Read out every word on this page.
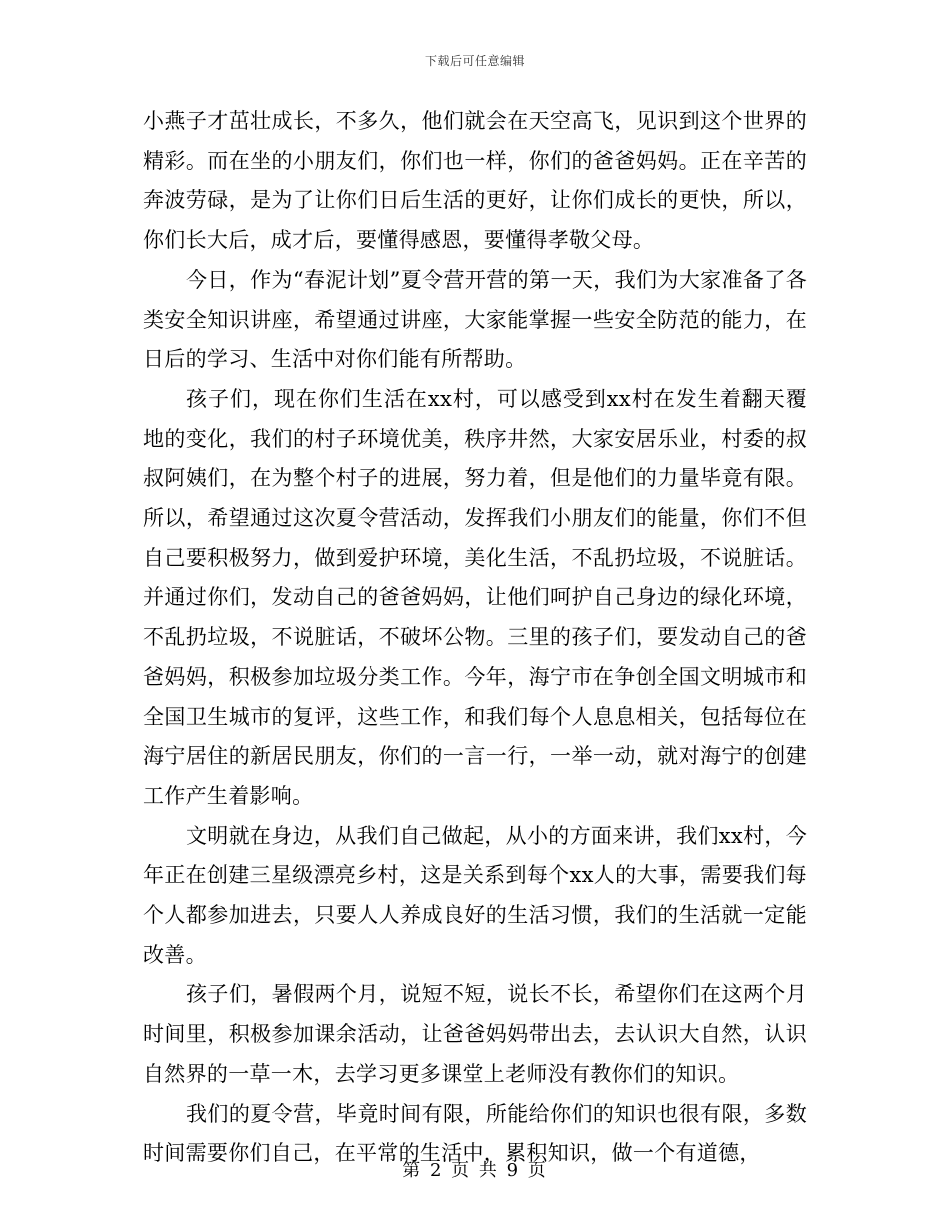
下载后可任意编辑

小燕子才茁壮成长，不多久，他们就会在天空高飞，见识到这个世界的精彩。而在坐的小朋友们，你们也一样，你们的爸爸妈妈。正在辛苦的奔波劳碌，是为了让你们日后生活的更好，让你们成长的更快，所以，你们长大后，成才后，要懂得感恩，要懂得孝敬父母。

今日，作为“春泥计划”夏令营开营的第一天，我们为大家准备了各类安全知识讲座，希望通过讲座，大家能掌握一些安全防范的能力，在日后的学习、生活中对你们能有所帮助。

孩子们，现在你们生活在xx村，可以感受到xx村在发生着翻天覆地的变化，我们的村子环境优美，秩序井然，大家安居乐业，村委的叔叔阿姨们，在为整个村子的进展，努力着，但是他们的力量毕竟有限。所以，希望通过这次夏令营活动，发挥我们小朋友们的能量，你们不但自己要积极努力，做到爱护环境，美化生活，不乱扔垃圾，不说脏话。并通过你们，发动自己的爸爸妈妈，让他们呵护自己身边的绿化环境，不乱扔垃圾，不说脏话，不破坏公物。三里的孩子们，要发动自己的爸爸妈妈，积极参加垃圾分类工作。今年，海宁市在争创全国文明城市和全国卫生城市的复评，这些工作，和我们每个人息息相关，包括每位在海宁居住的新居民朋友，你们的一言一行，一举一动，就对海宁的创建工作产生着影响。

文明就在身边，从我们自己做起，从小的方面来讲，我们xx村，今年正在创建三星级漂亮乡村，这是关系到每个xx人的大事，需要我们每个人都参加进去，只要人人养成良好的生活习惯，我们的生活就一定能改善。

孩子们，暑假两个月，说短不短，说长不长，希望你们在这两个月时间里，积极参加课余活动，让爸爸妈妈带出去，去认识大自然，认识自然界的一草一木，去学习更多课堂上老师没有教你们的知识。

我们的夏令营，毕竟时间有限，所能给你们的知识也很有限，多数时间需要你们自己，在平常的生活中，累积知识，做一个有道德，

第 2 页 共 9 页
